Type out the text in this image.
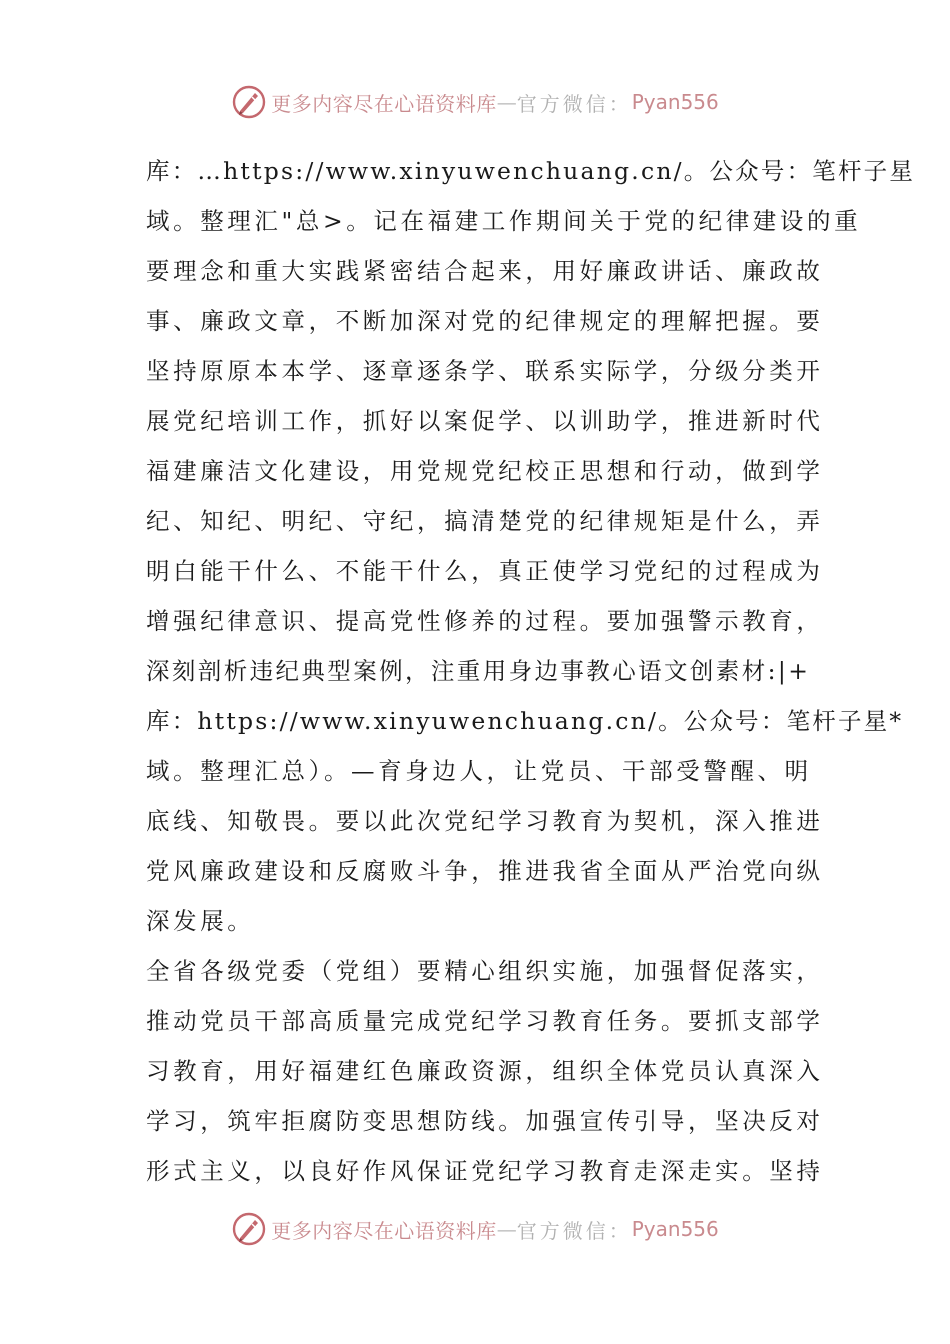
更多内容尽在心语资料库 — 官方微信： Pyan556
库：…https://www.xinyuwenchuang.cn/。公众号：笔杆子星
域。整理汇"总>。记在福建工作期间关于党的纪律建设的重
要理念和重大实践紧密结合起来，用好廉政讲话、廉政故
事、廉政文章，不断加深对党的纪律规定的理解把握。要
坚持原原本本学、逐章逐条学、联系实际学，分级分类开
展党纪培训工作，抓好以案促学、以训助学，推进新时代
福建廉洁文化建设，用党规党纪校正思想和行动，做到学
纪、知纪、明纪、守纪，搞清楚党的纪律规矩是什么，弄
明白能干什么、不能干什么，真正使学习党纪的过程成为
增强纪律意识、提高党性修养的过程。要加强警示教育，
深刻剖析违纪典型案例，注重用身边事教心语文创素材:|+
库：https://www.xinyuwenchuang.cn/。公众号：笔杆子星*
域。整理汇总）。—育身边人，让党员、干部受警醒、明
底线、知敬畏。要以此次党纪学习教育为契机，深入推进
党风廉政建设和反腐败斗争，推进我省全面从严治党向纵
深发展。
全省各级党委（党组）要精心组织实施，加强督促落实，
推动党员干部高质量完成党纪学习教育任务。要抓支部学
习教育，用好福建红色廉政资源，组织全体党员认真深入
学习，筑牢拒腐防变思想防线。加强宣传引导，坚决反对
形式主义，以良好作风保证党纪学习教育走深走实。坚持
更多内容尽在心语资料库 — 官方微信： Pyan556
